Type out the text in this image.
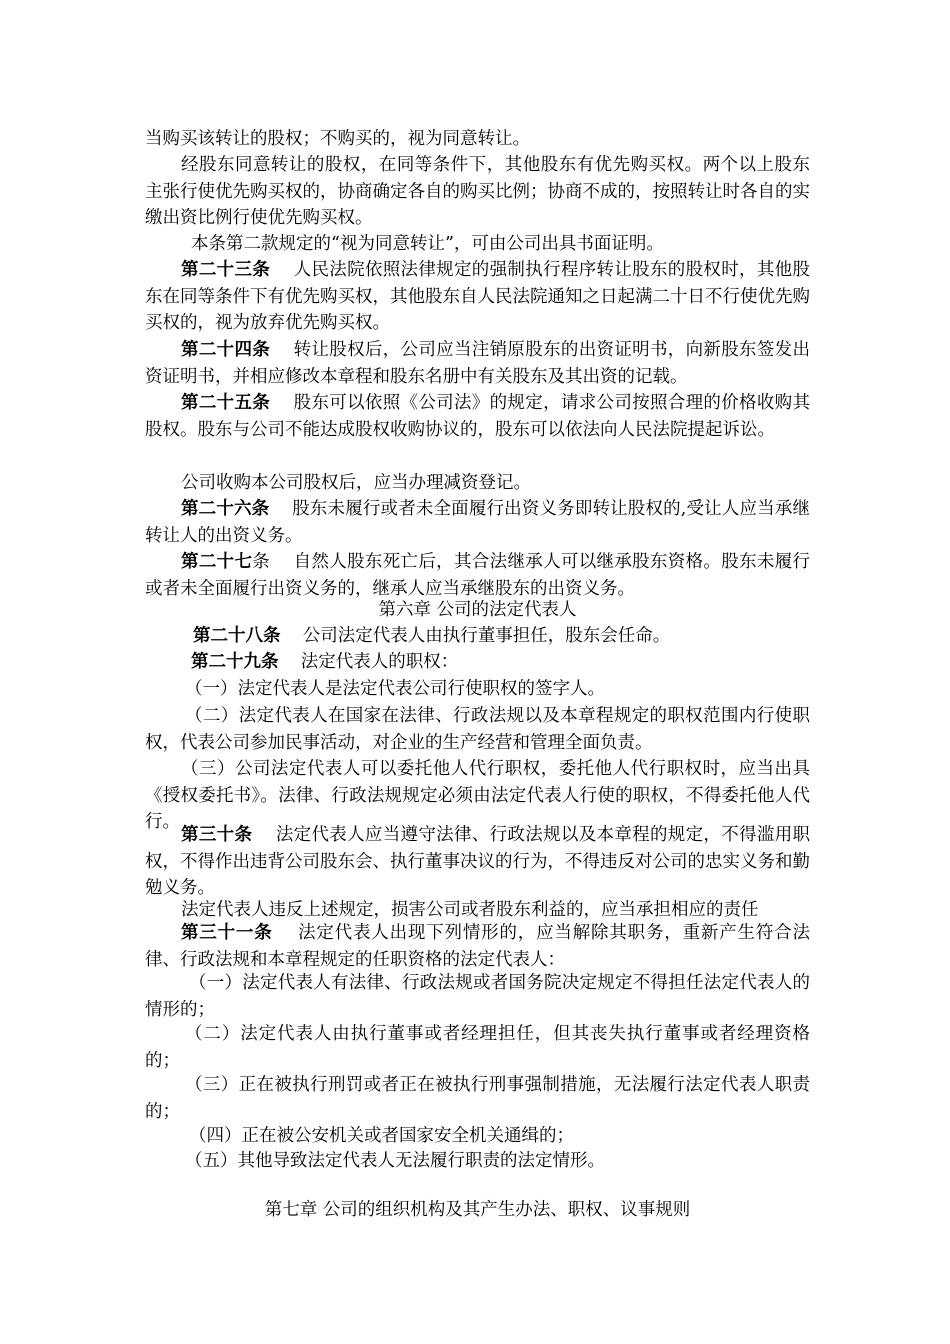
当购买该转让的股权；不购买的，视为同意转让。

经股东同意转让的股权，在同等条件下，其他股东有优先购买权。两个以上股东主张行使优先购买权的，协商确定各自的购买比例；协商不成的，按照转让时各自的实缴出资比例行使优先购买权。

本条第二款规定的“视为同意转让”，可由公司出具书面证明。

第二十三条 人民法院依照法律规定的强制执行程序转让股东的股权时，其他股东在同等条件下有优先购买权，其他股东自人民法院通知之日起满二十日不行使优先购买权的，视为放弃优先购买权。

第二十四条 转让股权后，公司应当注销原股东的出资证明书，向新股东签发出资证明书，并相应修改本章程和股东名册中有关股东及其出资的记载。

第二十五条 股东可以依照《公司法》的规定，请求公司按照合理的价格收购其股权。股东与公司不能达成股权收购协议的，股东可以依法向人民法院提起诉讼。

公司收购本公司股权后，应当办理减资登记。

第二十六条 股东未履行或者未全面履行出资义务即转让股权的,受让人应当承继转让人的出资义务。

第二十七条 自然人股东死亡后，其合法继承人可以继承股东资格。股东未履行或者未全面履行出资义务的，继承人应当承继股东的出资义务。

第六章 公司的法定代表人

第二十八条 公司法定代表人由执行董事担任，股东会任命。

第二十九条 法定代表人的职权：

（一）法定代表人是法定代表公司行使职权的签字人。

（二）法定代表人在国家在法律、行政法规以及本章程规定的职权范围内行使职权，代表公司参加民事活动，对企业的生产经营和管理全面负责。

（三）公司法定代表人可以委托他人代行职权，委托他人代行职权时，应当出具《授权委托书》。法律、行政法规规定必须由法定代表人行使的职权，不得委托他人代行。

第三十条 法定代表人应当遵守法律、行政法规以及本章程的规定，不得滥用职权，不得作出违背公司股东会、执行董事决议的行为，不得违反对公司的忠实义务和勤勉义务。

法定代表人违反上述规定，损害公司或者股东利益的，应当承担相应的责任

第三十一条 法定代表人出现下列情形的，应当解除其职务，重新产生符合法律、行政法规和本章程规定的任职资格的法定代表人：

（一）法定代表人有法律、行政法规或者国务院决定规定不得担任法定代表人的情形的；

（二）法定代表人由执行董事或者经理担任，但其丧失执行董事或者经理资格的；

（三）正在被执行刑罚或者正在被执行刑事强制措施，无法履行法定代表人职责的；

（四）正在被公安机关或者国家安全机关通缉的；

（五）其他导致法定代表人无法履行职责的法定情形。

第七章 公司的组织机构及其产生办法、职权、议事规则
